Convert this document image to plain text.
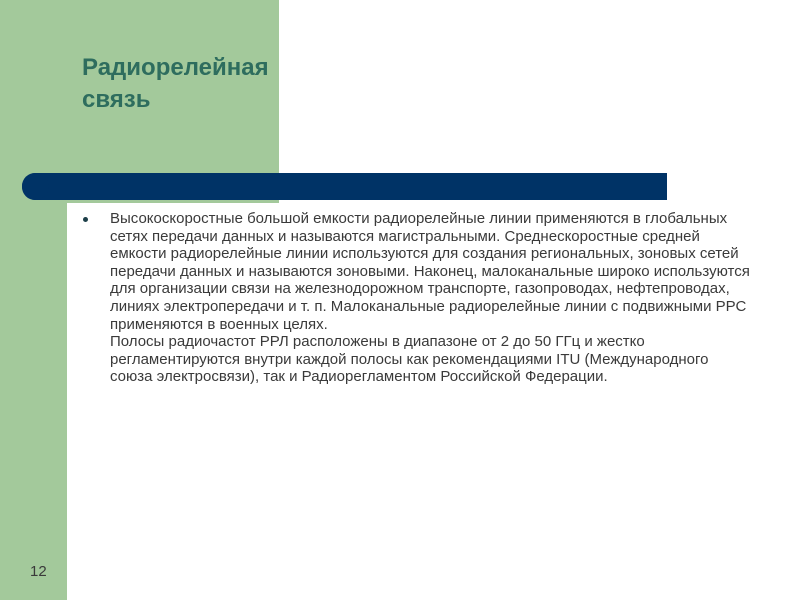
Радиорелейная
связь

Высокоскоростные большой емкости радиорелейные линии применяются в глобальных сетях передачи данных и называются магистральными. Среднескоростные средней емкости радиорелейные линии используются для создания региональных, зоновых сетей передачи данных и называются зоновыми. Наконец, малоканальные широко используются для организации связи на железнодорожном транспорте, газопроводах, нефтепроводах, линиях электропередачи и т. п. Малоканальные радиорелейные линии с подвижными РРС применяются в военных целях.

Полосы радиочастот РРЛ расположены в диапазоне от 2 до 50 ГГц и жестко регламентируются внутри каждой полосы как рекомендациями ITU (Международного союза электросвязи), так и Радиорегламентом Российской Федерации.

12
